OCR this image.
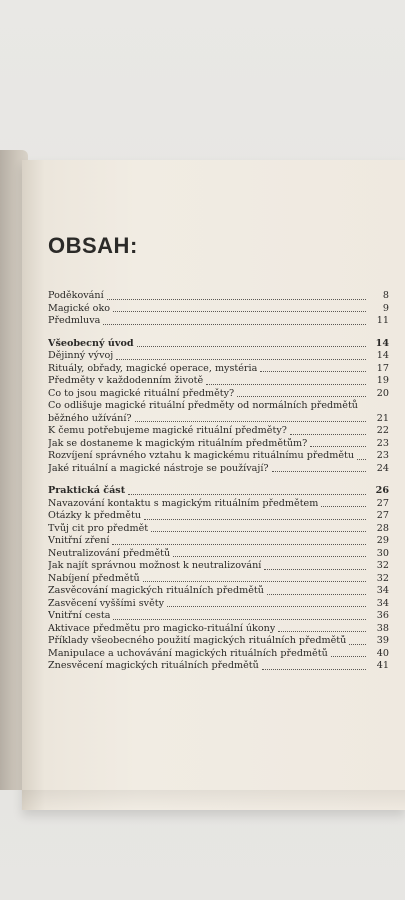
OBSAH:
Poděkování	8
Magické oko	9
Předmluva	11
Všeobecný úvod	14
Dějinný vývoj	14
Rituály, obřady, magické operace, mystéria	17
Předměty v každodenním životě	19
Co to jsou magické rituální předměty?	20
Co odlišuje magické rituální předměty od normálních předmětů
běžného užívání?	21
K čemu potřebujeme magické rituální předměty?	22
Jak se dostaneme k magickým rituálním předmětům?	23
Rozvíjení správného vztahu k magickému rituálnímu předmětu	23
Jaké rituální a magické nástroje se používají?	24
Praktická část	26
Navazování kontaktu s magickým rituálním předmětem	27
Otázky k předmětu	27
Tvůj cit pro předmět	28
Vnitřní zření	29
Neutralizování předmětů	30
Jak najít správnou možnost k neutralizování	32
Nabíjení předmětů	32
Zasvěcování magických rituálních předmětů	34
Zasvěcení vyššími světy	34
Vnitřní cesta	36
Aktivace předmětu pro magicko-rituální úkony	38
Příklady všeobecného použití magických rituálních předmětů	39
Manipulace a uchovávání magických rituálních předmětů	40
Znesvěcení magických rituálních předmětů	41
